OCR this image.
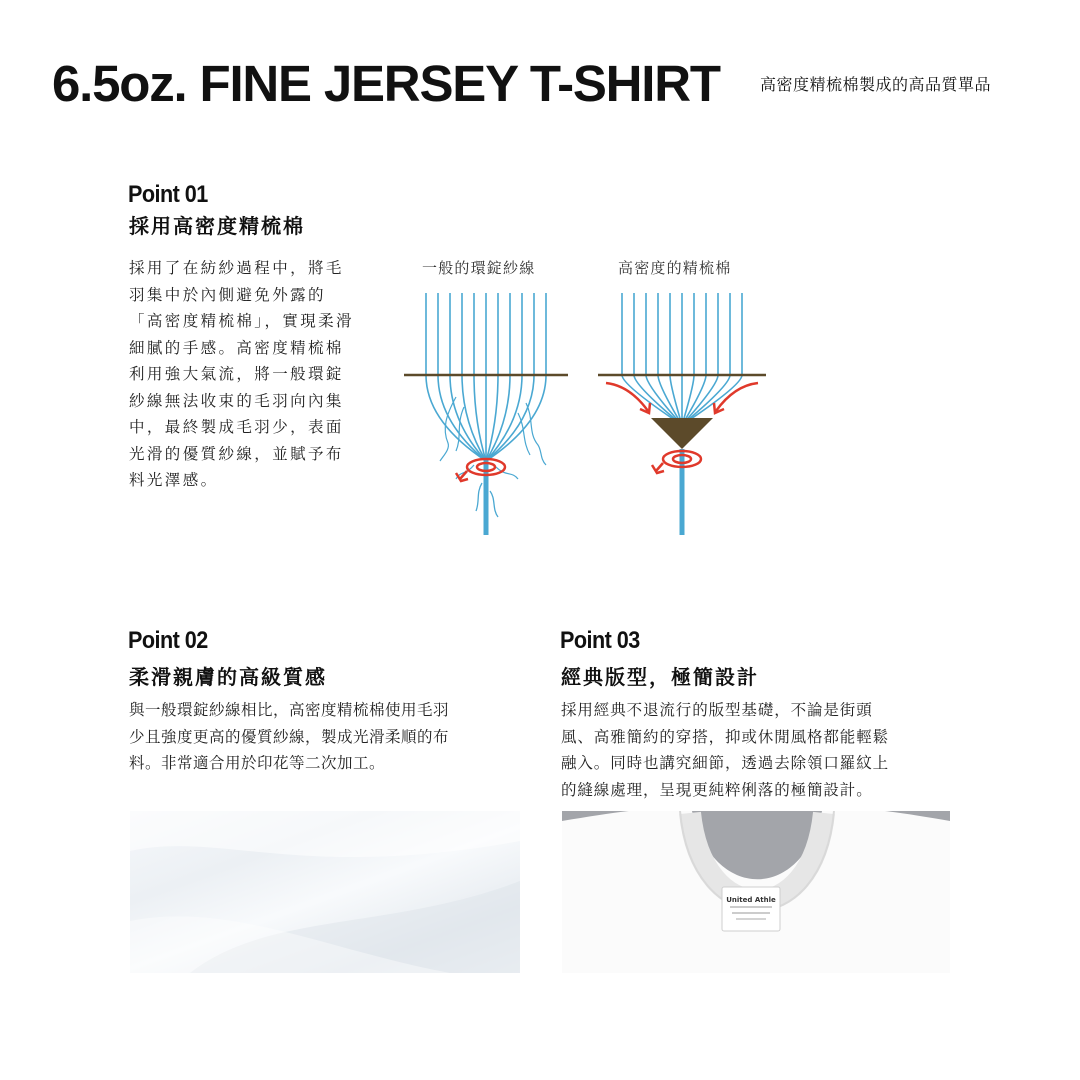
6.5oz. FINE JERSEY T-SHIRT	高密度精梳棉製成的高品質單品
Point 01
採用高密度精梳棉

採用了在紡紗過程中，將毛
羽集中於內側避免外露的
「高密度精梳棉」，實現柔滑
細膩的手感。高密度精梳棉
利用強大氣流，將一般環錠
紗線無法收束的毛羽向內集
中，最終製成毛羽少，表面
光滑的優質紗線，並賦予布
料光澤感。

一般的環錠紗線	高密度的精梳棉
Point 02
柔滑親膚的高級質感

與一般環錠紗線相比，高密度精梳棉使用毛羽
少且強度更高的優質紗線，製成光滑柔順的布
料。非常適合用於印花等二次加工。

Point 03
經典版型，極簡設計

採用經典不退流行的版型基礎，不論是街頭
風、高雅簡約的穿搭，抑或休閒風格都能輕鬆
融入。同時也講究細節，透過去除領口羅紋上
的縫線處理，呈現更純粹俐落的極簡設計。

United Athle
